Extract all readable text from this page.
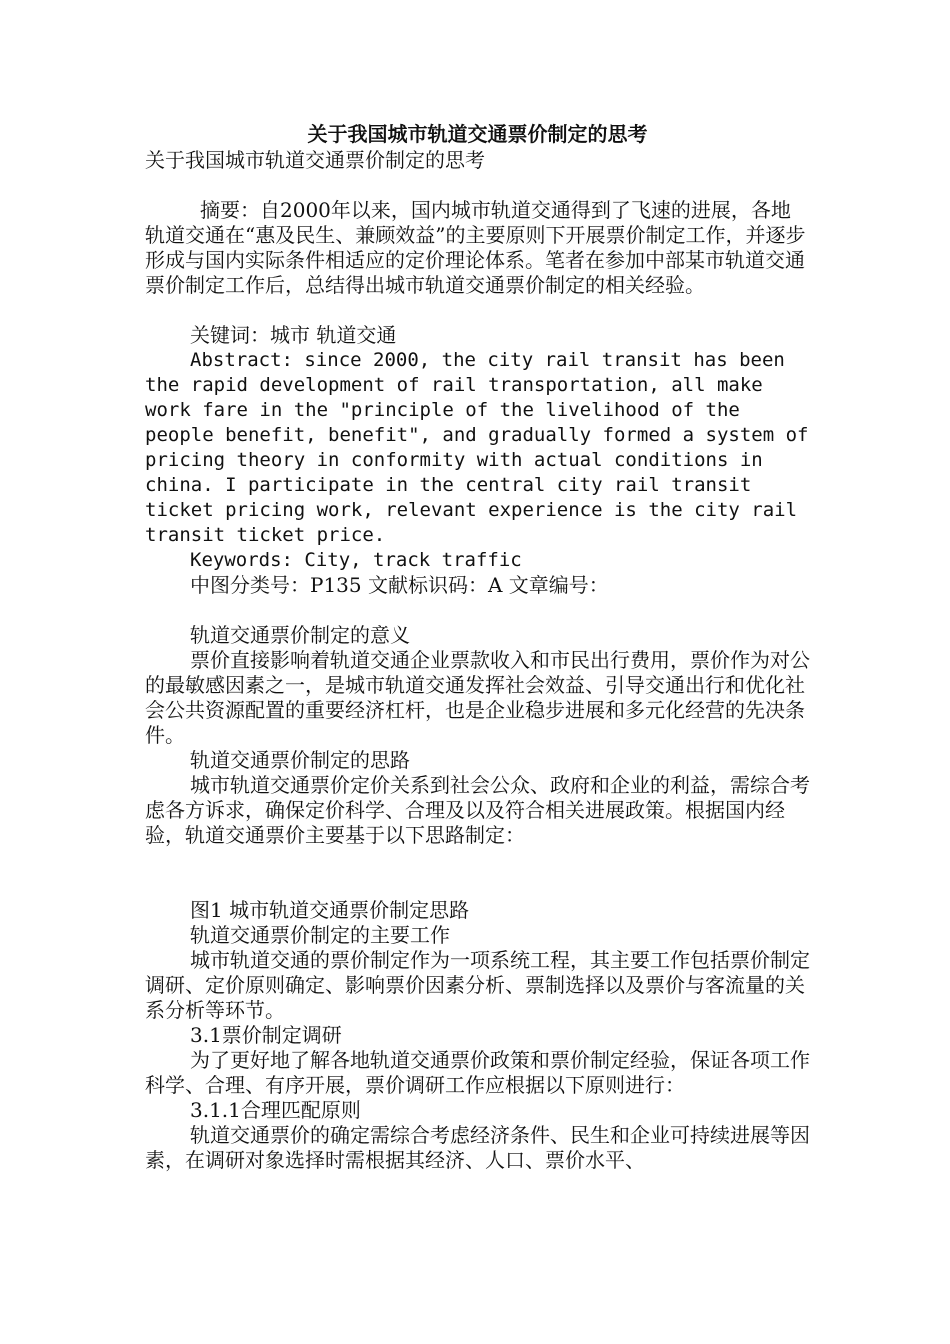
关于我国城市轨道交通票价制定的思考

关于我国城市轨道交通票价制定的思考

摘要：自2000年以来，国内城市轨道交通得到了飞速的进展，各地轨道交通在“惠及民生、兼顾效益”的主要原则下开展票价制定工作，并逐步形成与国内实际条件相适应的定价理论体系。笔者在参加中部某市轨道交通票价制定工作后，总结得出城市轨道交通票价制定的相关经验。

关键词：城市 轨道交通

Abstract: since 2000, the city rail transit has been the rapid development of rail transportation, all make work fare in the "principle of the livelihood of the people benefit, benefit", and gradually formed a system of pricing theory in conformity with actual conditions in china. I participate in the central city rail transit ticket pricing work, relevant experience is the city rail transit ticket price.

Keywords: City, track traffic

中图分类号：P135 文献标识码：A 文章编号：

轨道交通票价制定的意义

票价直接影响着轨道交通企业票款收入和市民出行费用，票价作为对公的最敏感因素之一，是城市轨道交通发挥社会效益、引导交通出行和优化社会公共资源配置的重要经济杠杆，也是企业稳步进展和多元化经营的先决条件。

轨道交通票价制定的思路

城市轨道交通票价定价关系到社会公众、政府和企业的利益，需综合考虑各方诉求，确保定价科学、合理及以及符合相关进展政策。根据国内经验，轨道交通票价主要基于以下思路制定：

图1 城市轨道交通票价制定思路

轨道交通票价制定的主要工作

城市轨道交通的票价制定作为一项系统工程，其主要工作包括票价制定调研、定价原则确定、影响票价因素分析、票制选择以及票价与客流量的关系分析等环节。

3.1票价制定调研

为了更好地了解各地轨道交通票价政策和票价制定经验，保证各项工作科学、合理、有序开展，票价调研工作应根据以下原则进行：

3.1.1合理匹配原则

轨道交通票价的确定需综合考虑经济条件、民生和企业可持续进展等因素，在调研对象选择时需根据其经济、人口、票价水平、
